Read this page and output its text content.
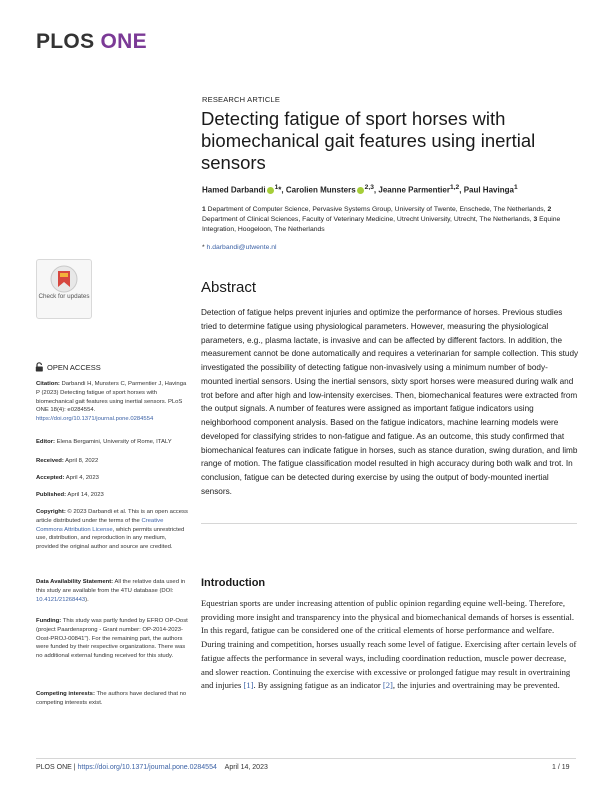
PLOS ONE
RESEARCH ARTICLE
Detecting fatigue of sport horses with biomechanical gait features using inertial sensors
Hamed Darbandi $^1$*, Carolien Munsters $^{2,3}$, Jeanne Parmentier$^{1,2}$, Paul Havinga$^1$
1 Department of Computer Science, Pervasive Systems Group, University of Twente, Enschede, The Netherlands, 2 Department of Clinical Sciences, Faculty of Veterinary Medicine, Utrecht University, Utrecht, The Netherlands, 3 Equine Integration, Hoogeloon, The Netherlands
* h.darbandi@utwente.nl
Abstract

Detection of fatigue helps prevent injuries and optimize the performance of horses. Previous studies tried to determine fatigue using physiological parameters. However, measuring the physiological parameters, e.g., plasma lactate, is invasive and can be affected by different factors. In addition, the measurement cannot be done automatically and requires a veterinarian for sample collection. This study investigated the possibility of detecting fatigue non-invasively using a minimum number of body-mounted inertial sensors. Using the inertial sensors, sixty sport horses were measured during walk and trot before and after high and low-intensity exercises. Then, biomechanical features were extracted from the output signals. A number of features were assigned as important fatigue indicators using neighborhood component analysis. Based on the fatigue indicators, machine learning models were developed for classifying strides to non-fatigue and fatigue. As an outcome, this study confirmed that biomechanical features can indicate fatigue in horses, such as stance duration, swing duration, and limb range of motion. The fatigue classification model resulted in high accuracy during both walk and trot. In conclusion, fatigue can be detected during exercise by using the output of body-mounted inertial sensors.

Introduction

Equestrian sports are under increasing attention of public opinion regarding equine well-being. Therefore, providing more insight and transparency into the physical and biomechanical demands of horses is essential. In this regard, fatigue can be considered one of the critical elements of horse performance and welfare. During training and competition, horses usually reach some level of fatigue. Exercising after certain levels of fatigue affects the performance in several ways, including coordination reduction, muscle power decrease, and slower reaction. Continuing the exercise with excessive or prolonged fatigue may result in overtraining and injuries [1]. By assigning fatigue as an indicator [2], the injuries and overtraining may be prevented.

Check for updates
OPEN ACCESS
Citation: Darbandi H, Munsters C, Parmentier J, Havinga P (2023) Detecting fatigue of sport horses with biomechanical gait features using inertial sensors. PLoS ONE 18(4): e0284554. https://doi.org/10.1371/journal.pone.0284554
Editor: Elena Bergamini, University of Rome, ITALY
Received: April 8, 2022
Accepted: April 4, 2023
Published: April 14, 2023
Copyright: © 2023 Darbandi et al. This is an open access article distributed under the terms of the Creative Commons Attribution License, which permits unrestricted use, distribution, and reproduction in any medium, provided the original author and source are credited.
Data Availability Statement: All the relative data used in this study are available from the 4TU database (DOI: 10.4121/21268443).
Funding: This study was partly funded by EFRO OP-Oost (project Paardensprong - Grant number: OP-2014-2023-Oost-PROJ-00841"). For the remaining part, the authors were funded by their respective organizations. There was no additional external funding received for this study.
Competing interests: The authors have declared that no competing interests exist.
PLOS ONE | https://doi.org/10.1371/journal.pone.0284554 April 14, 2023	1 / 19
